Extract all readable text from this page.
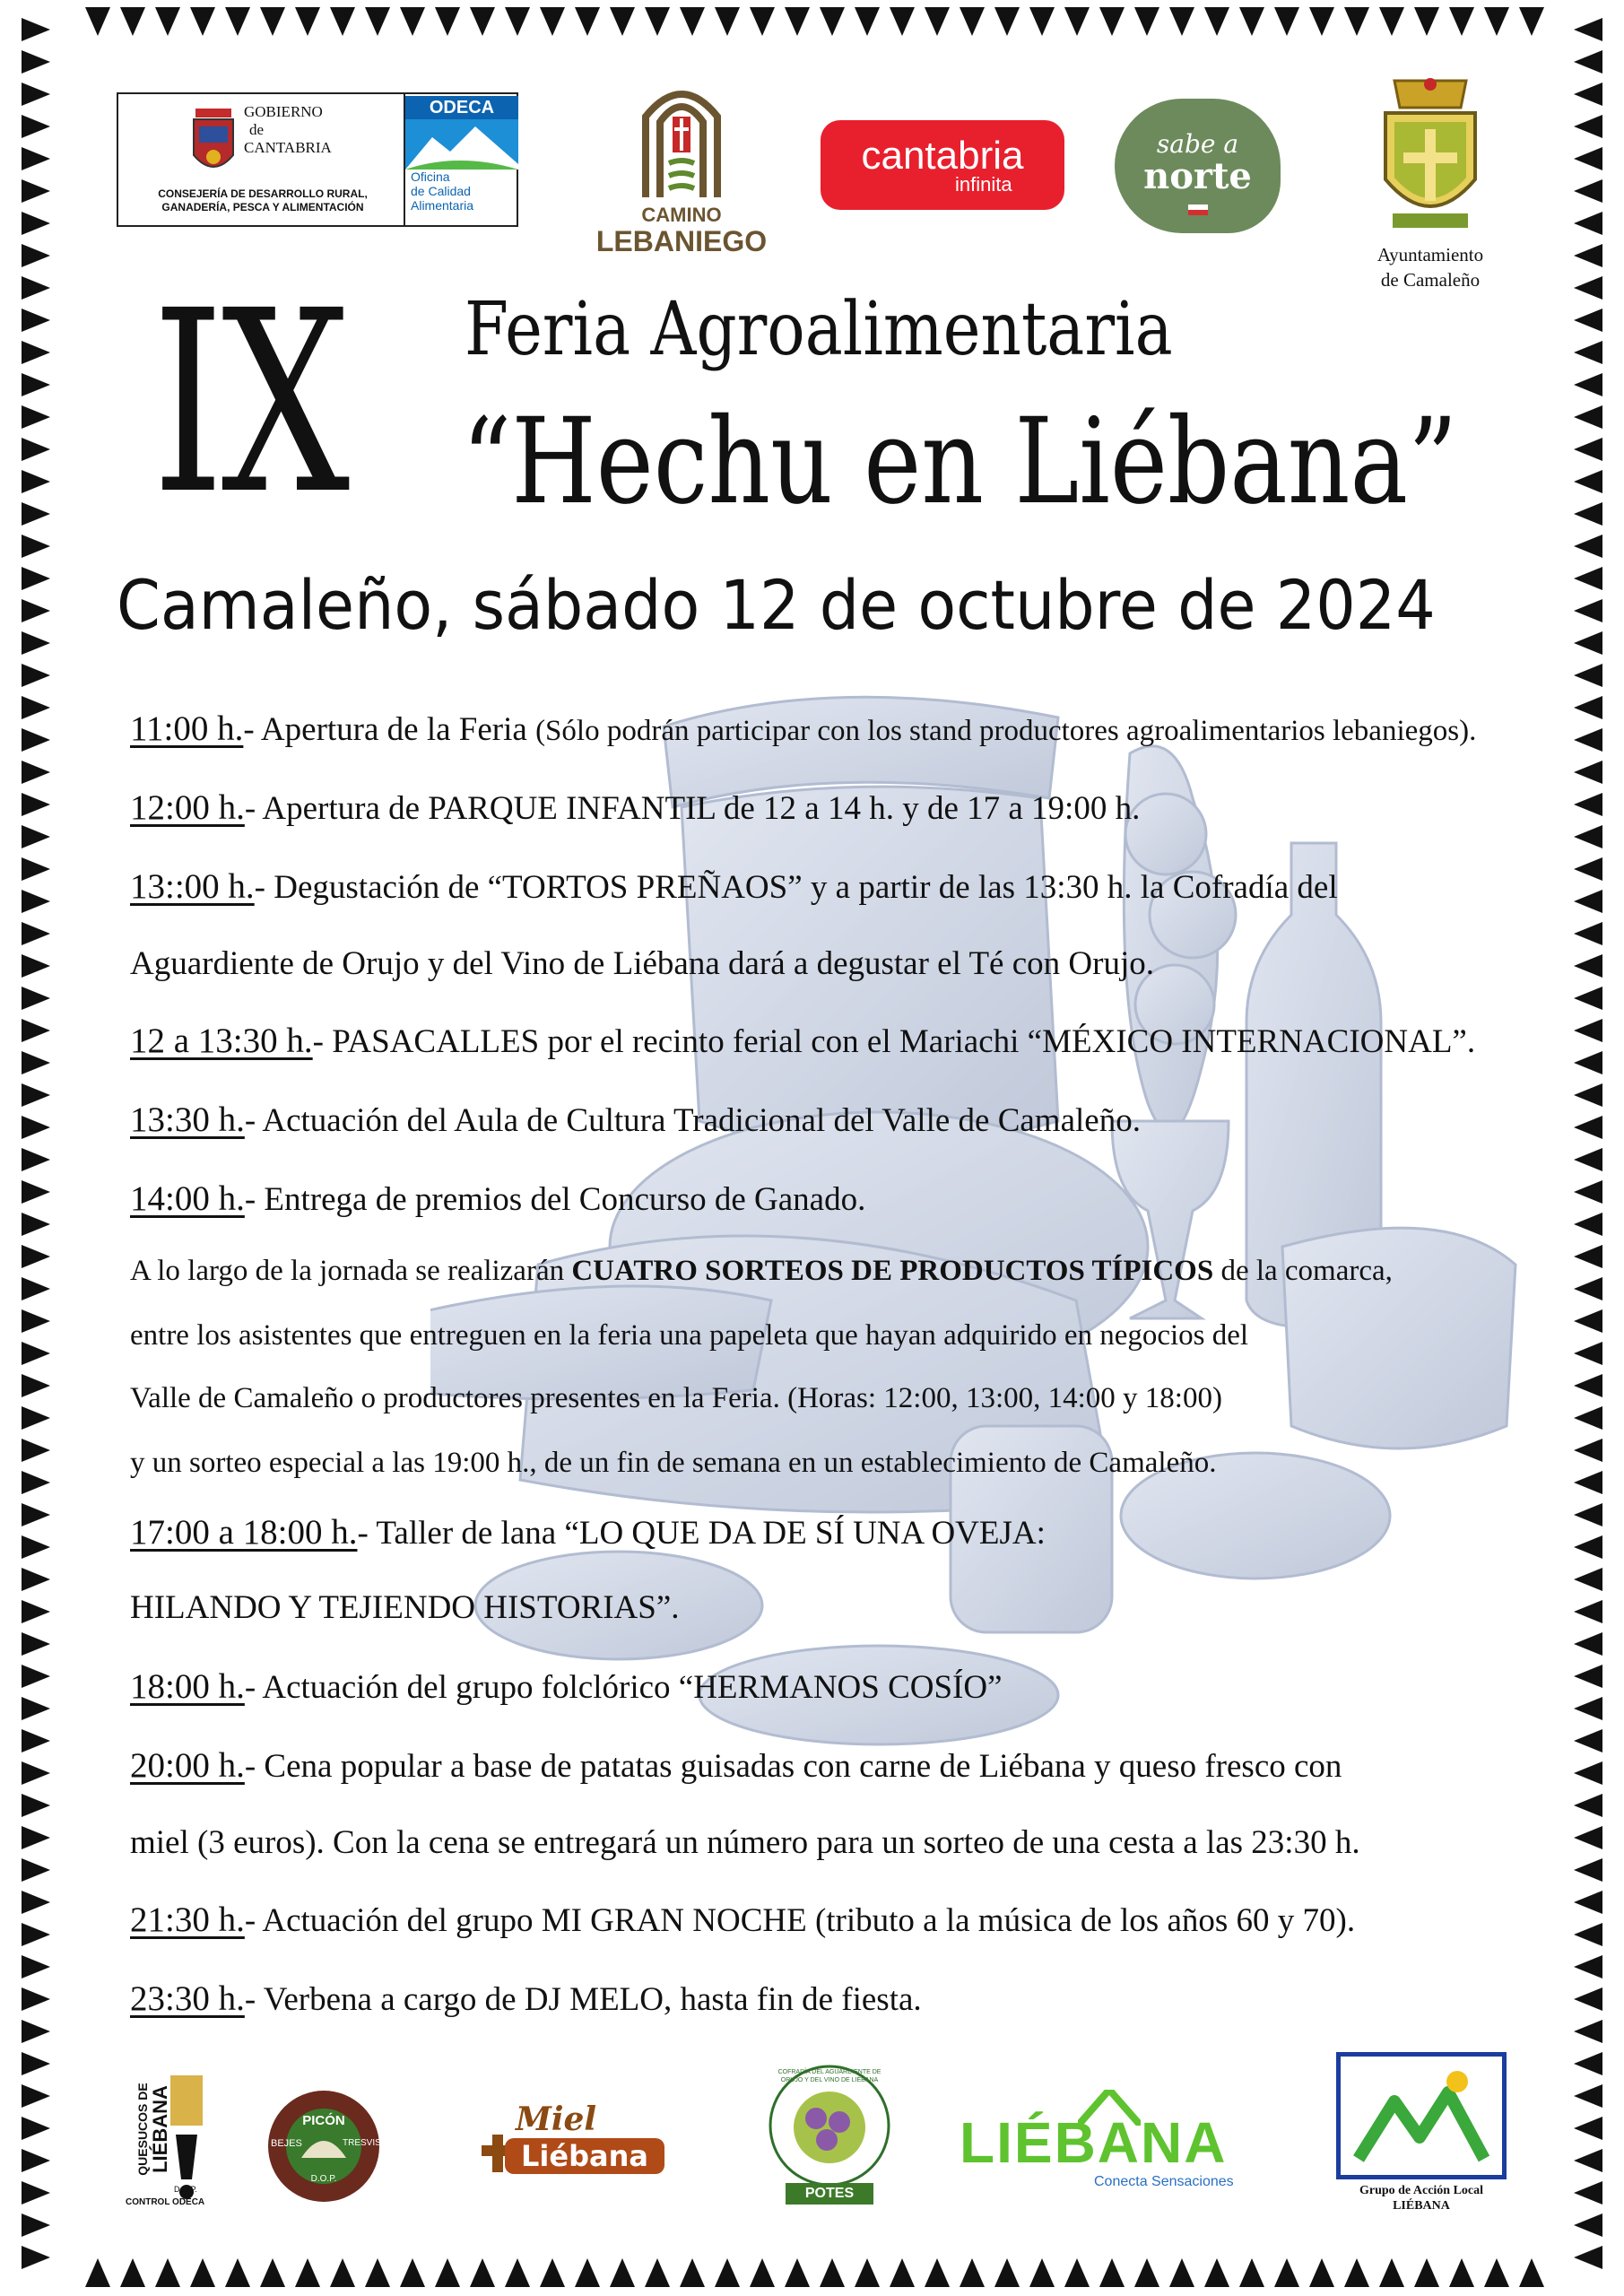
GOBIERNO
de
CANTABRIA
CONSEJERÍA DE DESARROLLO RURAL,
GANADERÍA, PESCA Y ALIMENTACIÓN
ODECA
Oficina
de Calidad
Alimentaria	CAMINO
LEBANIEGO
cantabria
infinita
sabe a
norte
Ayuntamiento
de Camaleño
IX Feria Agroalimentaria
“Hechu en Liébana”
Camaleño, sábado 12 de octubre de 2024
11:00 h.- Apertura de la Feria (Sólo podrán participar con los stand productores agroalimentarios lebaniegos).
12:00 h.- Apertura de PARQUE INFANTIL de 12 a 14 h. y de 17 a 19:00 h.
13::00 h.- Degustación de “TORTOS PREÑAOS” y a partir de las 13:30 h. la Cofradía del
Aguardiente de Orujo y del Vino de Liébana dará a degustar el Té con Orujo.
12 a 13:30 h.- PASACALLES por el recinto ferial con el Mariachi “MÉXICO INTERNACIONAL”.
13:30 h.- Actuación del Aula de Cultura Tradicional del Valle de Camaleño.
14:00 h.- Entrega de premios del Concurso de Ganado.
A lo largo de la jornada se realizarán CUATRO SORTEOS DE PRODUCTOS TÍPICOS de la comarca,
entre los asistentes que entreguen en la feria una papeleta que hayan adquirido en negocios del
Valle de Camaleño o productores presentes en la Feria. (Horas: 12:00, 13:00, 14:00 y 18:00)
y un sorteo especial a las 19:00 h., de un fin de semana en un establecimiento de Camaleño.
17:00 a 18:00 h.- Taller de lana “LO QUE DA DE SÍ UNA OVEJA:
HILANDO Y TEJIENDO HISTORIAS”.
18:00 h.- Actuación del grupo folclórico “HERMANOS COSÍO”
20:00 h.- Cena popular a base de patatas guisadas con carne de Liébana y queso fresco con
miel (3 euros). Con la cena se entregará un número para un sorteo de una cesta a las 23:30 h.
21:30 h.- Actuación del grupo MI GRAN NOCHE (tributo a la música de los años 60 y 70).
23:30 h.- Verbena a cargo de DJ MELO, hasta fin de fiesta.
QUESUCOS DE LIÉBANA
D.O.P.
CONTROL ODECA
PICÓN
BEJES	TRESVISO
D.O.P.
Miel
Liébana
COFRADÍA DEL AGUARDIENTE DE ORUJO Y DEL VINO DE LIÉBANA
POTES
LIÉBANA
Conecta Sensaciones
Grupo de Acción Local
LIÉBANA
